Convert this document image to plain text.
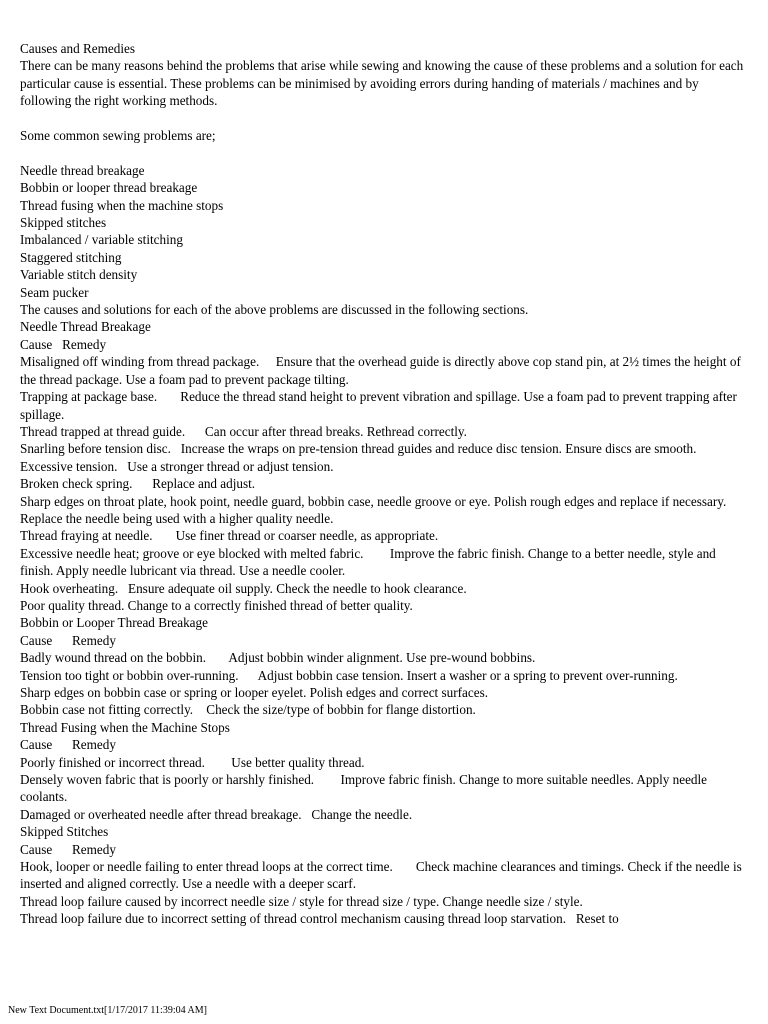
Causes and Remedies
There can be many reasons behind the problems that arise while sewing and knowing the cause of these problems and a solution for each particular cause is essential. These problems can be minimised by avoiding errors during handing of materials / machines and by following the right working methods.
Some common sewing problems are;
Needle thread breakage
Bobbin or looper thread breakage
Thread fusing when the machine stops
Skipped stitches
Imbalanced / variable stitching
Staggered stitching
Variable stitch density
Seam pucker
The causes and solutions for each of the above problems are discussed in the following sections.
Needle Thread Breakage
Cause   Remedy
Misaligned off winding from thread package.     Ensure that the overhead guide is directly above cop stand pin, at 2½ times the height of the thread package. Use a foam pad to prevent package tilting.
Trapping at package base.       Reduce the thread stand height to prevent vibration and spillage. Use a foam pad to prevent trapping after spillage.
Thread trapped at thread guide.      Can occur after thread breaks. Rethread correctly.
Snarling before tension disc.   Increase the wraps on pre-tension thread guides and reduce disc tension. Ensure discs are smooth.
Excessive tension.   Use a stronger thread or adjust tension.
Broken check spring.      Replace and adjust.
Sharp edges on throat plate, hook point, needle guard, bobbin case, needle groove or eye. Polish rough edges and replace if necessary. Replace the needle being used with a higher quality needle.
Thread fraying at needle.       Use finer thread or coarser needle, as appropriate.
Excessive needle heat; groove or eye blocked with melted fabric.        Improve the fabric finish. Change to a better needle, style and finish. Apply needle lubricant via thread. Use a needle cooler.
Hook overheating.   Ensure adequate oil supply. Check the needle to hook clearance.
Poor quality thread. Change to a correctly finished thread of better quality.
Bobbin or Looper Thread Breakage
Cause      Remedy
Badly wound thread on the bobbin.       Adjust bobbin winder alignment. Use pre-wound bobbins.
Tension too tight or bobbin over-running.      Adjust bobbin case tension. Insert a washer or a spring to prevent over-running.
Sharp edges on bobbin case or spring or looper eyelet. Polish edges and correct surfaces.
Bobbin case not fitting correctly.    Check the size/type of bobbin for flange distortion.
Thread Fusing when the Machine Stops
Cause      Remedy
Poorly finished or incorrect thread.        Use better quality thread.
Densely woven fabric that is poorly or harshly finished.        Improve fabric finish. Change to more suitable needles. Apply needle coolants.
Damaged or overheated needle after thread breakage.   Change the needle.
Skipped Stitches
Cause      Remedy
Hook, looper or needle failing to enter thread loops at the correct time.       Check machine clearances and timings. Check if the needle is inserted and aligned correctly. Use a needle with a deeper scarf.
Thread loop failure caused by incorrect needle size / style for thread size / type. Change needle size / style.
Thread loop failure due to incorrect setting of thread control mechanism causing thread loop starvation.   Reset to
New Text Document.txt[1/17/2017 11:39:04 AM]
